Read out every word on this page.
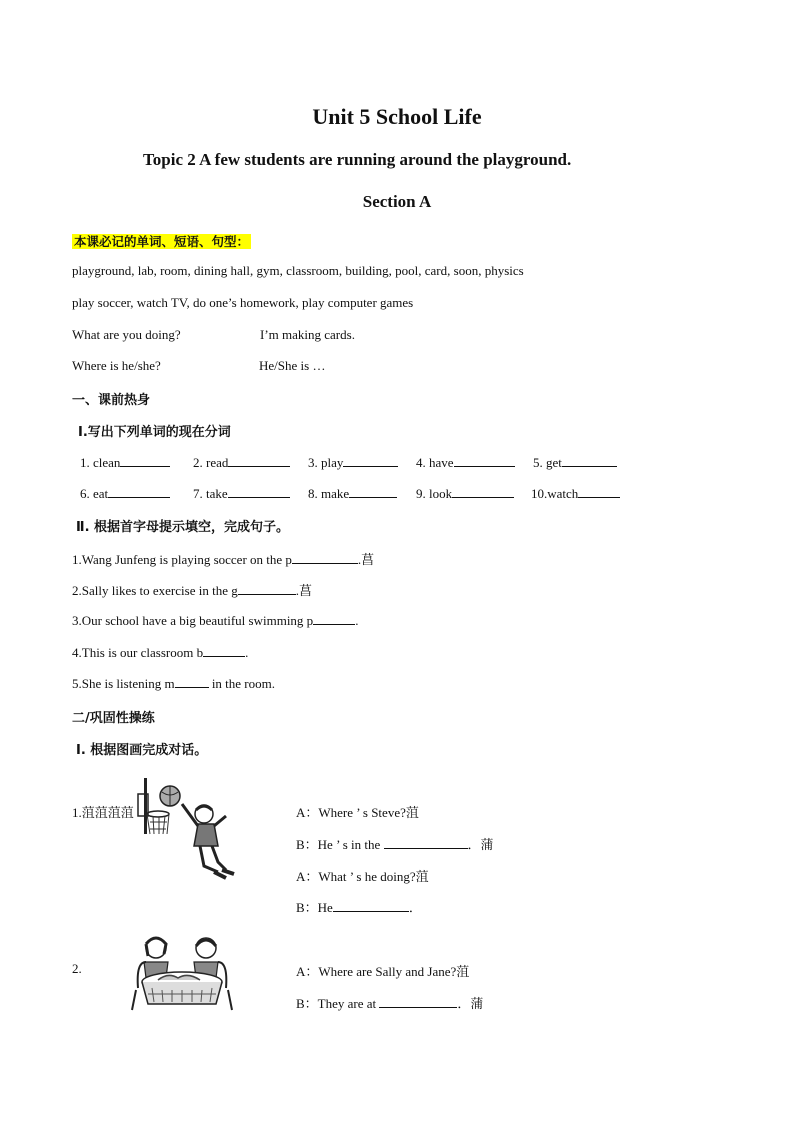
Unit 5 School Life
Topic 2 A few students are running around the playground.
Section A
本课必记的单词、短语、句型：
playground, lab, room, dining hall, gym, classroom, building, pool, card, soon, physics
play soccer, watch TV, do one’s homework, play computer games
What are you doing?	I’m making cards.
Where is he/she?	He/She is …
一、课前热身
Ⅰ.写出下列单词的现在分词
1. clean	2. read	3. play	4. have	5. get
6. eat	7. take	8. make	9. look	10.watch
Ⅱ. 根据首字母提示填空，完成句子。
1.Wang Junfeng is playing soccer on the p	.菖
2.Sally likes to exercise in the g	.菖
3.Our school have a big beautiful swimming p	.
4.This is our classroom b	.
5.She is listening m	in the room.
二/巩固性操练
Ⅰ. 根据图画完成对话。
1.菹菹菹菹	A：Where ’ s Steve?菹
B：He ’ s in the	．蒲
A：What ’ s he doing?菹
B：He	．
2.	A：Where are Sally and Jane?菹
B：They are at	．蒲
